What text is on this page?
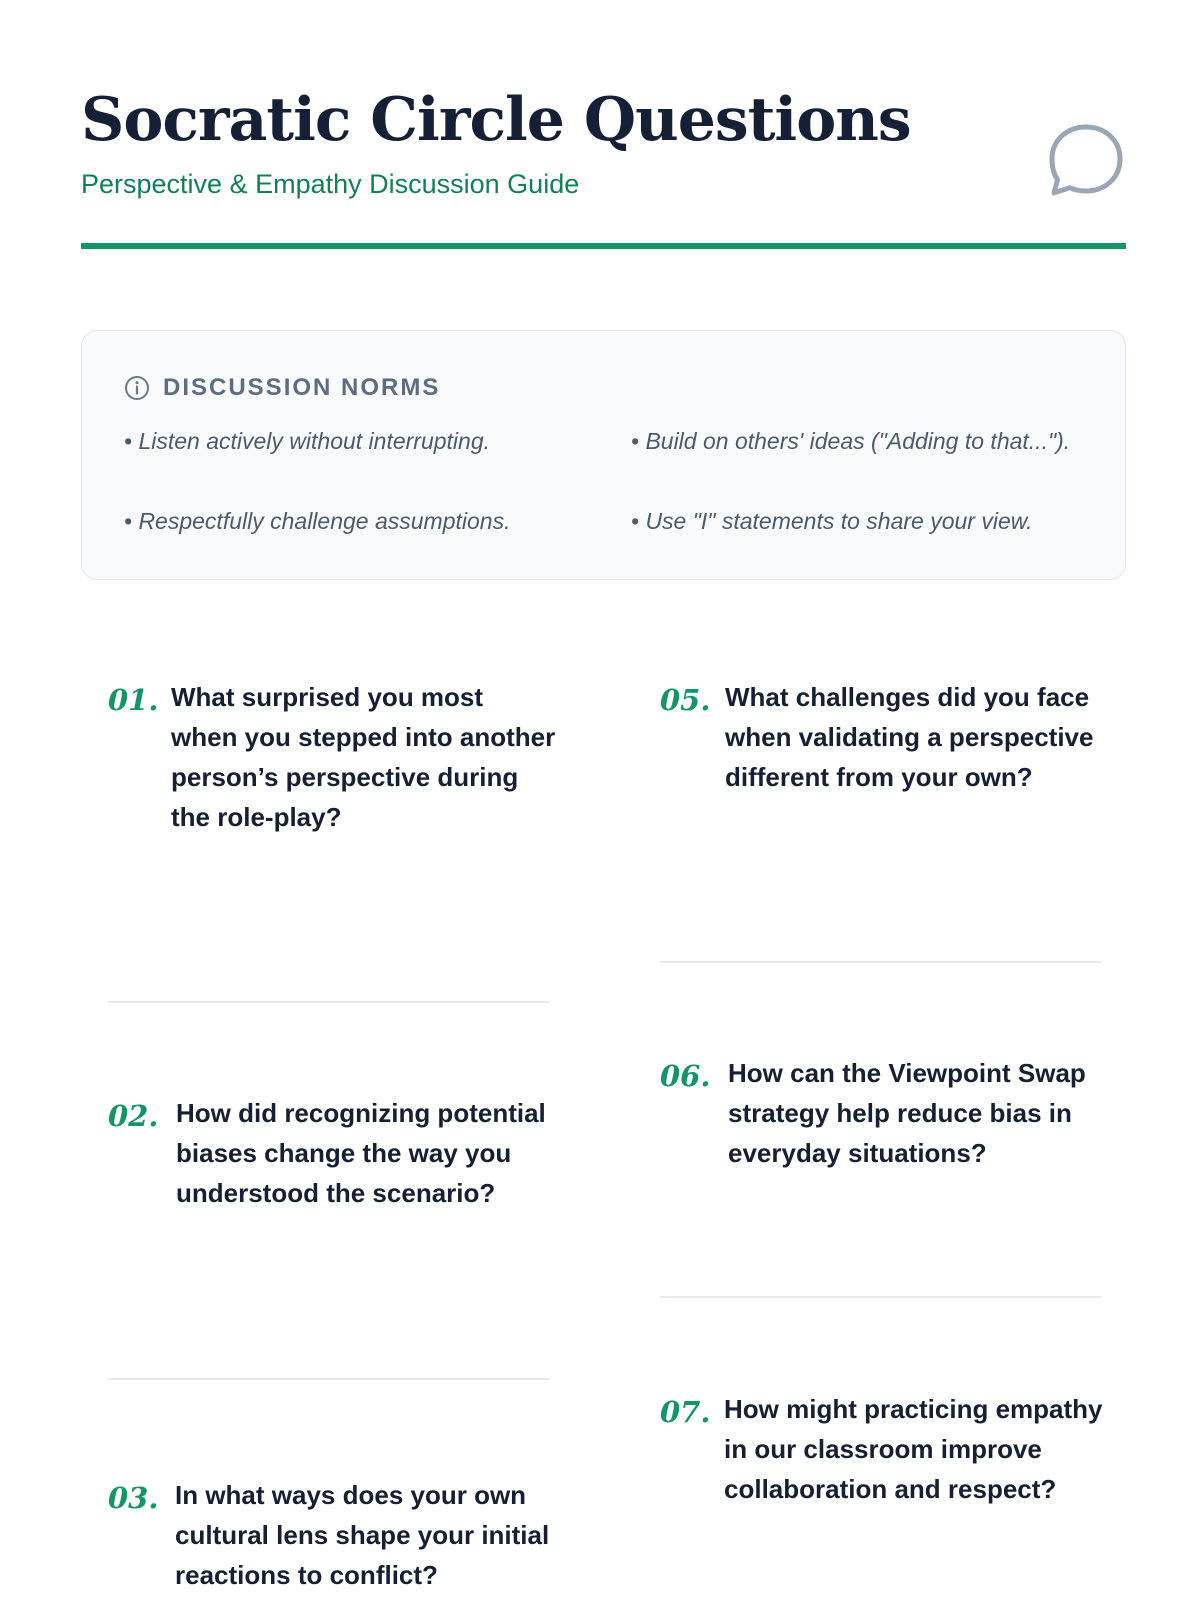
Socratic Circle Questions
Perspective & Empathy Discussion Guide
DISCUSSION NORMS
• Listen actively without interrupting.	• Build on others' ideas ("Adding to that...").
• Respectfully challenge assumptions.	• Use "I" statements to share your view.
01. What surprised you most when you stepped into another person’s perspective during the role-play?
02. How did recognizing potential biases change the way you understood the scenario?
03. In what ways does your own cultural lens shape your initial reactions to conflict?
05. What challenges did you face when validating a perspective different from your own?
06. How can the Viewpoint Swap strategy help reduce bias in everyday situations?
07. How might practicing empathy in our classroom improve collaboration and respect?
